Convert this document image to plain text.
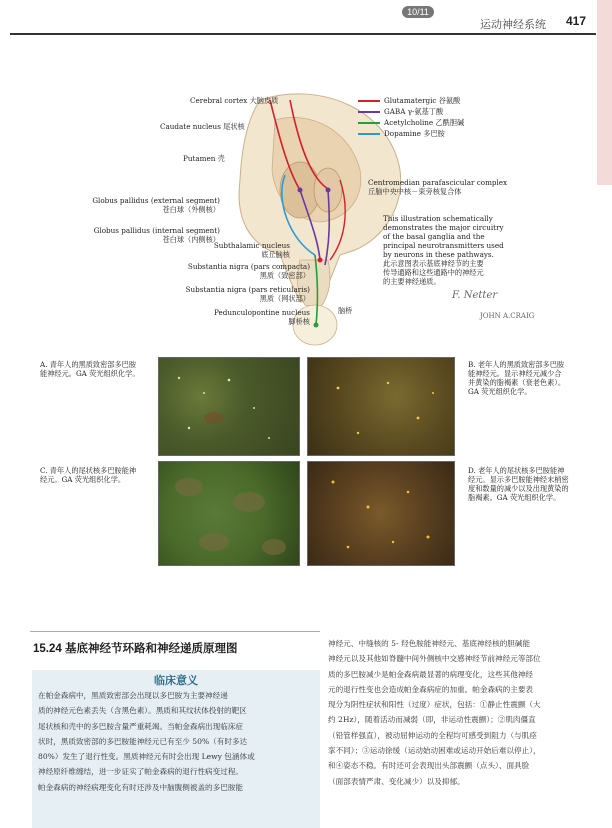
10/11
运动神经系统 417
Cerebral cortex 大脑皮质
Caudate nucleus 尾状核
Putamen 壳
Globus pallidus (external segment)
苍白球（外侧核）
Globus pallidus (internal segment)
苍白球（内侧核）
Subthalamic nucleus
底丘脑核
Substantia nigra (pars compacta)
黑质（致密部）
Substantia nigra (pars reticularis)
黑质（网状部）
Pedunculopontine nucleus
脚桥核
脑桥
Glutamatergic 谷氨酸
GABA γ-氨基丁酸
Acetylcholine 乙酰胆碱
Dopamine 多巴胺
Centromedian parafascicular complex
丘脑中央中核－束旁核复合体
This illustration schematically
demonstrates the major circuitry
of the basal ganglia and the
principal neurotransmitters used
by neurons in these pathways.
此示意图表示基底神经节的主要
传导通路和这些通路中的神经元
的主要神经递质。
F. Netter
JOHN A.CRAIG
A. 青年人的黑质致密部多巴胺
能神经元。GA 荧光组织化学。
B. 老年人的黑质致密部多巴胺
能神经元。显示神经元减少合
并黄染的脂褐素（衰老色素）。
GA 荧光组织化学。
C. 青年人的尾状核多巴胺能神
经元。GA 荧光组织化学。
D. 老年人的尾状核多巴胺能神
经元。显示多巴胺能神经末梢密
度和数量的减少以及出现黄染的
脂褐素。GA 荧光组织化学。
15.24 基底神经节环路和神经递质原理图
临床意义
在帕金森病中，黑质致密部会出现以多巴胺为主要神经递
质的神经元色素丢失（含黑色素）。黑质和其纹状体投射的靶区
尾状核和壳中的多巴胺含量严重耗竭。当帕金森病出现临床症
状时，黑质致密部的多巴胺能神经元已有至少 50%（有时多达
80%）发生了退行性变。黑质神经元有时会出现 Lewy 包涵体或
神经原纤维缠结，进一步证实了帕金森病的退行性病变过程。
帕金森病的神经病理变化有时还涉及中脑腹侧被盖的多巴胺能
神经元、中缝核的 5- 羟色胺能神经元、基底神经核的胆碱能
神经元以及其他如脊髓中间外侧核中交感神经节前神经元等部位
质的多巴胺减少是帕金森病最显著的病理变化，这些其他神经
元的退行性变也会造成帕金森病症的加重。帕金森病的主要表
现分为阴性症状和阳性（过度）症状，包括：①静止性震颤（大
约 2Hz），随着活动而减弱（即，非运动性震颤）；②肌肉僵直
（铅管样强直），被动屈伸运动的全程均可感受到阻力（与肌痉
挛不同）；③运动徐缓（运动始动困难或运动开始后难以停止），
和④姿态不稳。有时还可会表现出头部震颤（点头）、面具脸
（面部表情严肃、变化减少）以及抑郁。
